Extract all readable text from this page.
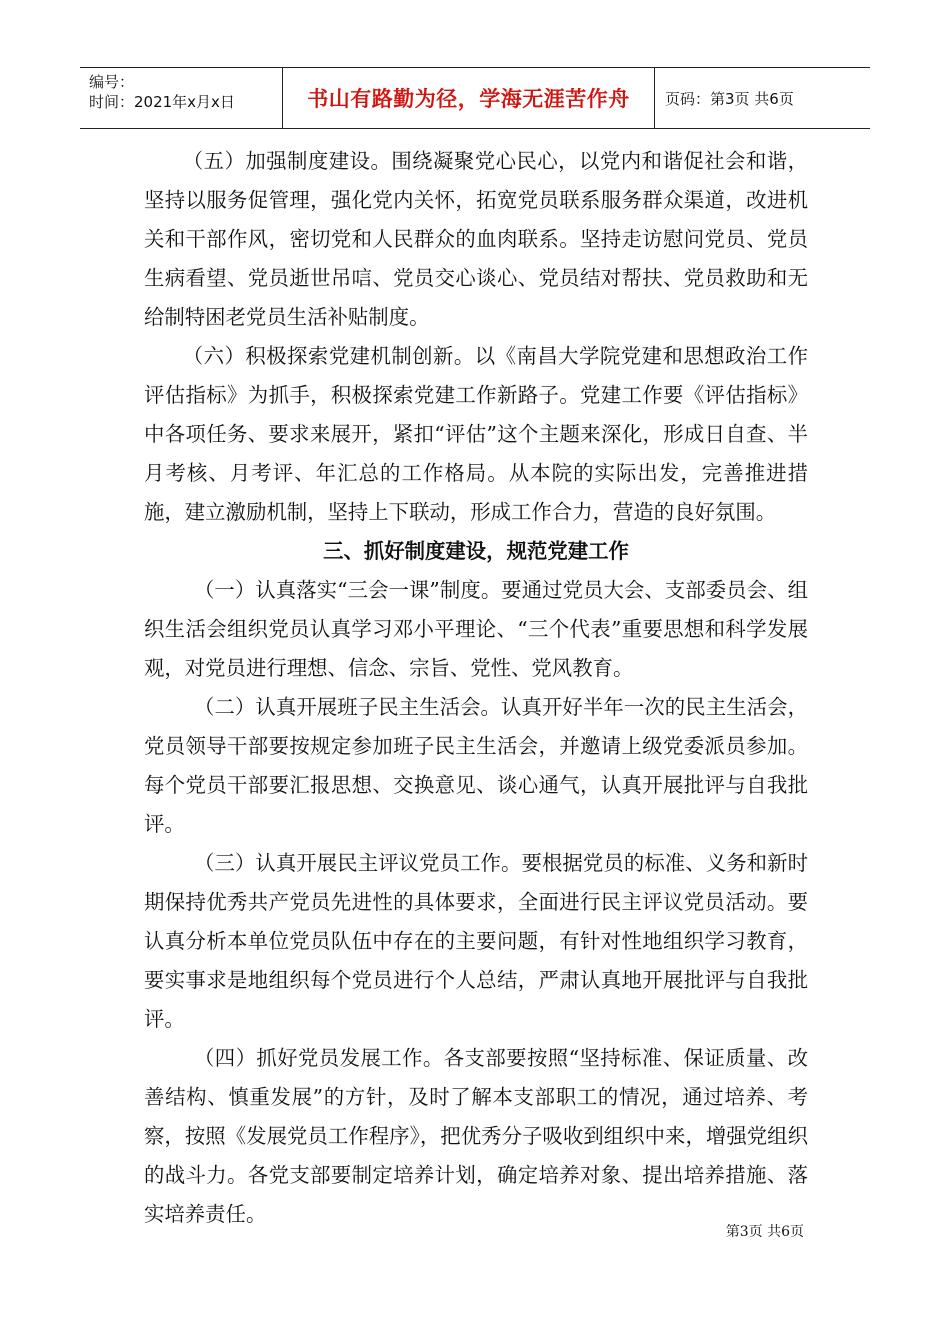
编号：
时间：2021年x月x日	书山有路勤为径，学海无涯苦作舟	页码：第3页 共6页

（五）加强制度建设。围绕凝聚党心民心，以党内和谐促社会和谐，坚持以服务促管理，强化党内关怀，拓宽党员联系服务群众渠道，改进机关和干部作风，密切党和人民群众的血肉联系。坚持走访慰问党员、党员生病看望、党员逝世吊唁、党员交心谈心、党员结对帮扶、党员救助和无给制特困老党员生活补贴制度。

（六）积极探索党建机制创新。以《南昌大学院党建和思想政治工作评估指标》为抓手，积极探索党建工作新路子。党建工作要《评估指标》中各项任务、要求来展开，紧扣“评估”这个主题来深化，形成日自查、半月考核、月考评、年汇总的工作格局。从本院的实际出发，完善推进措施，建立激励机制，坚持上下联动，形成工作合力，营造的良好氛围。

三、抓好制度建设，规范党建工作

（一）认真落实“三会一课”制度。要通过党员大会、支部委员会、组织生活会组织党员认真学习邓小平理论、“三个代表”重要思想和科学发展观，对党员进行理想、信念、宗旨、党性、党风教育。

（二）认真开展班子民主生活会。认真开好半年一次的民主生活会，党员领导干部要按规定参加班子民主生活会，并邀请上级党委派员参加。每个党员干部要汇报思想、交换意见、谈心通气，认真开展批评与自我批评。

（三）认真开展民主评议党员工作。要根据党员的标准、义务和新时期保持优秀共产党员先进性的具体要求，全面进行民主评议党员活动。要认真分析本单位党员队伍中存在的主要问题，有针对性地组织学习教育，要实事求是地组织每个党员进行个人总结，严肃认真地开展批评与自我批评。

（四）抓好党员发展工作。各支部要按照“坚持标准、保证质量、改善结构、慎重发展”的方针，及时了解本支部职工的情况，通过培养、考察，按照《发展党员工作程序》，把优秀分子吸收到组织中来，增强党组织的战斗力。各党支部要制定培养计划，确定培养对象、提出培养措施、落实培养责任。

第3页 共6页
